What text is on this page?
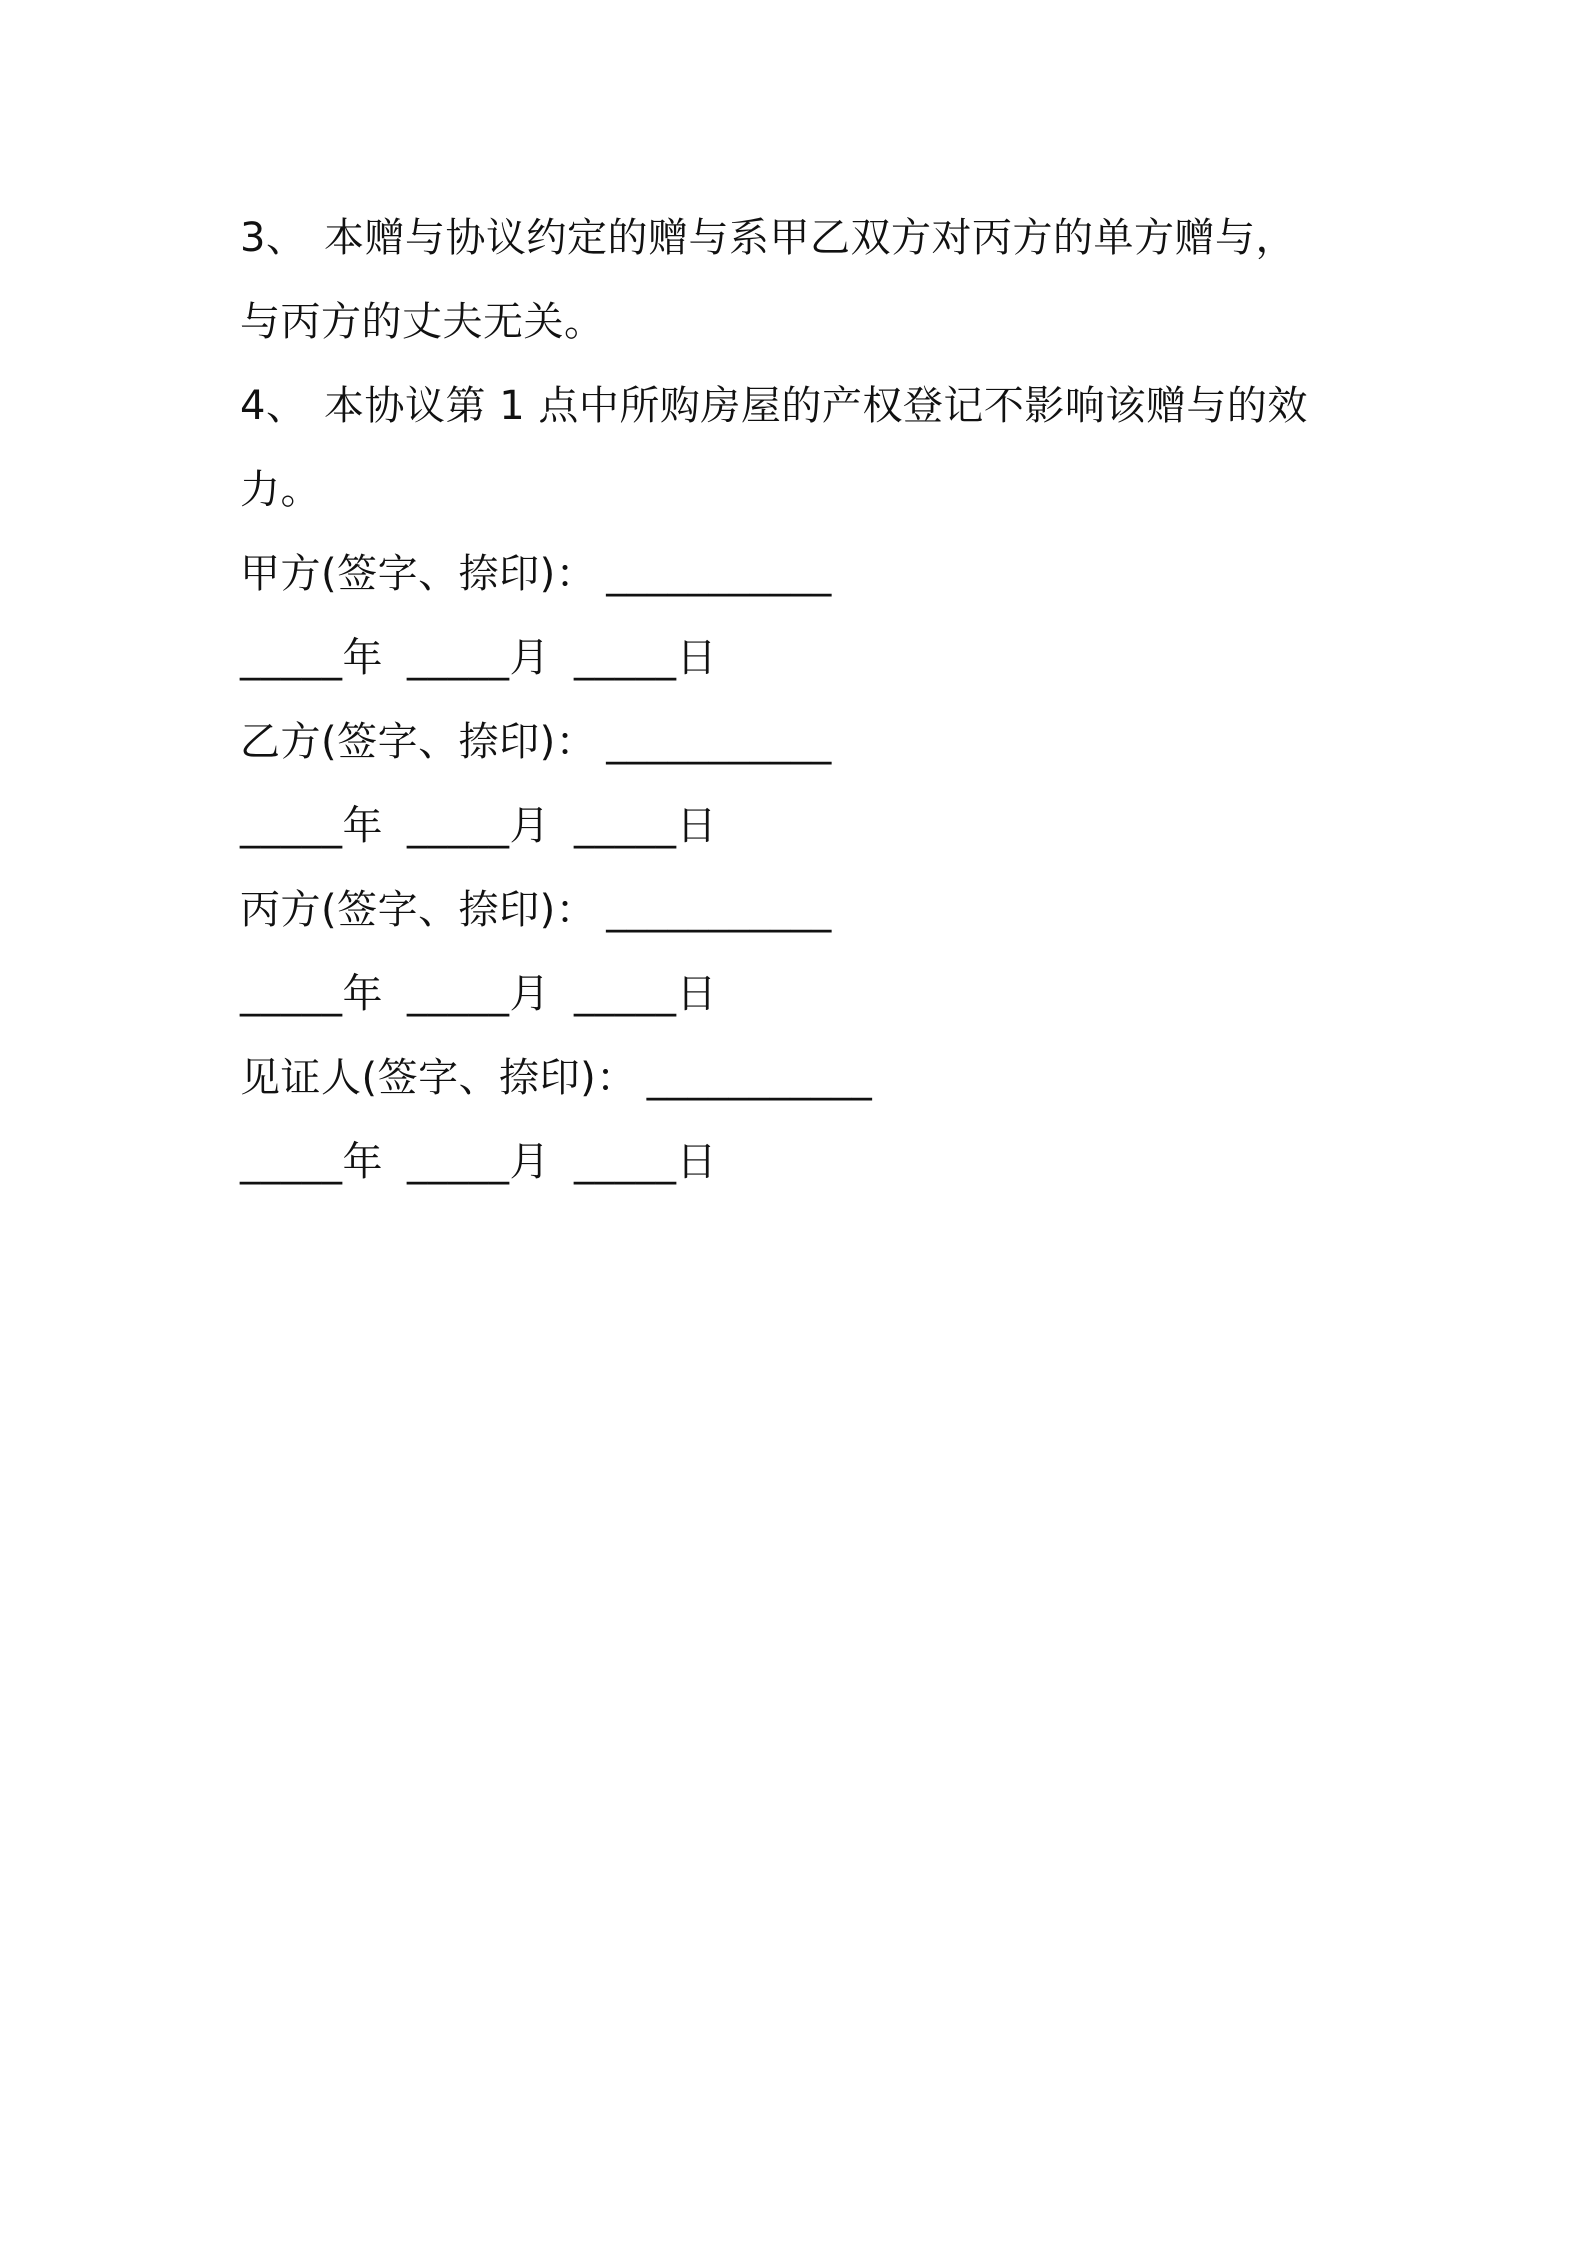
3、 本赠与协议约定的赠与系甲乙双方对丙方的单方赠与，
与丙方的丈夫无关。
4、 本协议第 1 点中所购房屋的产权登记不影响该赠与的效
力。
甲方(签字、捺印)： ___________
_____年 _____月 _____日
乙方(签字、捺印)： ___________
_____年 _____月 _____日
丙方(签字、捺印)： ___________
_____年 _____月 _____日
见证人(签字、捺印)： ___________
_____年 _____月 _____日
